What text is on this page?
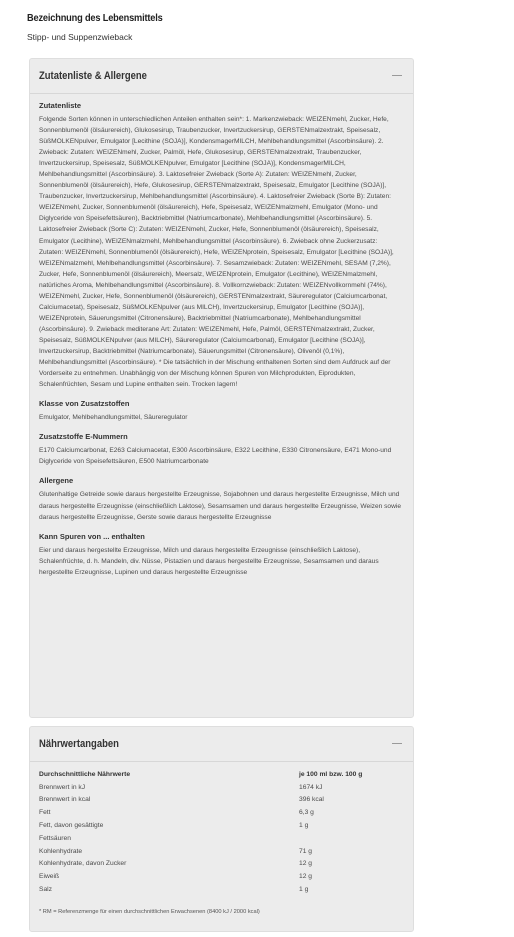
Bezeichnung des Lebensmittels
Stipp- und Suppenzwieback
Zutatenliste & Allergene
Zutatenliste
Folgende Sorten können in unterschiedlichen Anteilen enthalten sein*: 1. Markenzwieback: WEIZENmehl, Zucker, Hefe, Sonnenblumenöl (ölsäurereich), Glukosesirup, Traubenzucker, Invertzuckersirup, GERSTENmalzextrakt, Speisesalz, SüßMOLKENpulver, Emulgator [Lecithine (SOJA)], KondensmagerMILCH, Mehlbehandlungsmittel (Ascorbinsäure). 2. Zwieback: Zutaten: WEIZENmehl, Zucker, Palmöl, Hefe, Glukosesirup, GERSTENmalzextrakt, Traubenzucker, Invertzuckersirup, Speisesalz, SüßMOLKENpulver, Emulgator [Lecithine (SOJA)], KondensmagerMILCH, Mehlbehandlungsmittel (Ascorbinsäure). 3. Laktosefreier Zwieback (Sorte A): Zutaten: WEIZENmehl, Zucker, Sonnenblumenöl (ölsäurereich), Hefe, Glukosesirup, GERSTENmalzextrakt, Speisesalz, Emulgator [Lecithine (SOJA)], Traubenzucker, Invertzuckersirup, Mehlbehandlungsmittel (Ascorbinsäure). 4. Laktosefreier Zwieback (Sorte B): Zutaten: WEIZENmehl, Zucker, Sonnenblumenöl (ölsäurereich), Hefe, Speisesalz, WEIZENmalzmehl, Emulgator (Mono- und Diglyceride von Speisefettsäuren), Backtriebmittel (Natriumcarbonate), Mehlbehandlungsmittel (Ascorbinsäure). 5. Laktosefreier Zwieback (Sorte C): Zutaten: WEIZENmehl, Zucker, Hefe, Sonnenblumenöl (ölsäurereich), Speisesalz, Emulgator (Lecithine), WEIZENmalzmehl, Mehlbehandlungsmittel (Ascorbinsäure). 6. Zwieback ohne Zuckerzusatz: Zutaten: WEIZENmehl, Sonnenblumenöl (ölsäurereich), Hefe, WEIZENprotein, Speisesalz, Emulgator [Lecithine (SOJA)], WEIZENmalzmehl, Mehlbehandlungsmittel (Ascorbinsäure). 7. Sesamzwieback: Zutaten: WEIZENmehl, SESAM (7,2%), Zucker, Hefe, Sonnenblumenöl (ölsäurereich), Meersalz, WEIZENprotein, Emulgator (Lecithine), WEIZENmalzmehl, natürliches Aroma, Mehlbehandlungsmittel (Ascorbinsäure). 8. Vollkornzwieback: Zutaten: WEIZENvollkornmehl (74%), WEIZENmehl, Zucker, Hefe, Sonnenblumenöl (ölsäurereich), GERSTENmalzextrakt, Säureregulator (Calciumcarbonat, Calciumacetat), Speisesalz, SüßMOLKENpulver (aus MILCH), Invertzuckersirup, Emulgator [Lecithine (SOJA)], WEIZENprotein, Säuerungsmittel (Citronensäure), Backtriebmittel (Natriumcarbonate), Mehlbehandlungsmittel (Ascorbinsäure). 9. Zwieback mediterane Art: Zutaten: WEIZENmehl, Hefe, Palmöl, GERSTENmalzextrakt, Zucker, Speisesalz, SüßMOLKENpulver (aus MILCH), Säureregulator (Calciumcarbonat), Emulgator [Lecithine (SOJA)], Invertzuckersirup, Backtriebmittel (Natriumcarbonate), Säuerungsmittel (Citronensäure), Olivenöl (0,1%), Mehlbehandlungsmittel (Ascorbinsäure). * Die tatsächlich in der Mischung enthaltenen Sorten sind dem Aufdruck auf der Vorderseite zu entnehmen. Unabhängig von der Mischung können Spuren von Milchprodukten, Eiprodukten, Schalenfrüchten, Sesam und Lupine enthalten sein. Trocken lagern!
Klasse von Zusatzstoffen
Emulgator, Mehlbehandlungsmittel, Säureregulator
Zusatzstoffe E-Nummern
E170 Calciumcarbonat, E263 Calciumacetat, E300 Ascorbinsäure, E322 Lecithine, E330 Citronensäure, E471 Mono-und Diglyceride von Speisefettsäuren, E500 Natriumcarbonate
Allergene
Glutenhaltige Getreide sowie daraus hergestellte Erzeugnisse, Sojabohnen und daraus hergestellte Erzeugnisse, Milch und daraus hergestellte Erzeugnisse (einschließlich Laktose), Sesamsamen und daraus hergestellte Erzeugnisse, Weizen sowie daraus hergestellte Erzeugnisse, Gerste sowie daraus hergestellte Erzeugnisse
Kann Spuren von ... enthalten
Eier und daraus hergestellte Erzeugnisse, Milch und daraus hergestellte Erzeugnisse (einschließlich Laktose), Schalenfrüchte, d. h. Mandeln, div. Nüsse, Pistazien und daraus hergestellte Erzeugnisse, Sesamsamen und daraus hergestellte Erzeugnisse, Lupinen und daraus hergestellte Erzeugnisse
Nährwertangaben
Durchschnittliche Nährwerte	je 100 ml bzw. 100 g
Brennwert in kJ	1674 kJ
Brennwert in kcal	396 kcal
Fett	6,3 g
Fett, davon gesättigte	1 g
Fettsäuren	
Kohlenhydrate	71 g
Kohlenhydrate, davon Zucker	12 g
Eiweiß	12 g
Salz	1 g
* RM = Referenzmenge für einen durchschnittlichen Erwachsenen (8400 kJ / 2000 kcal)
